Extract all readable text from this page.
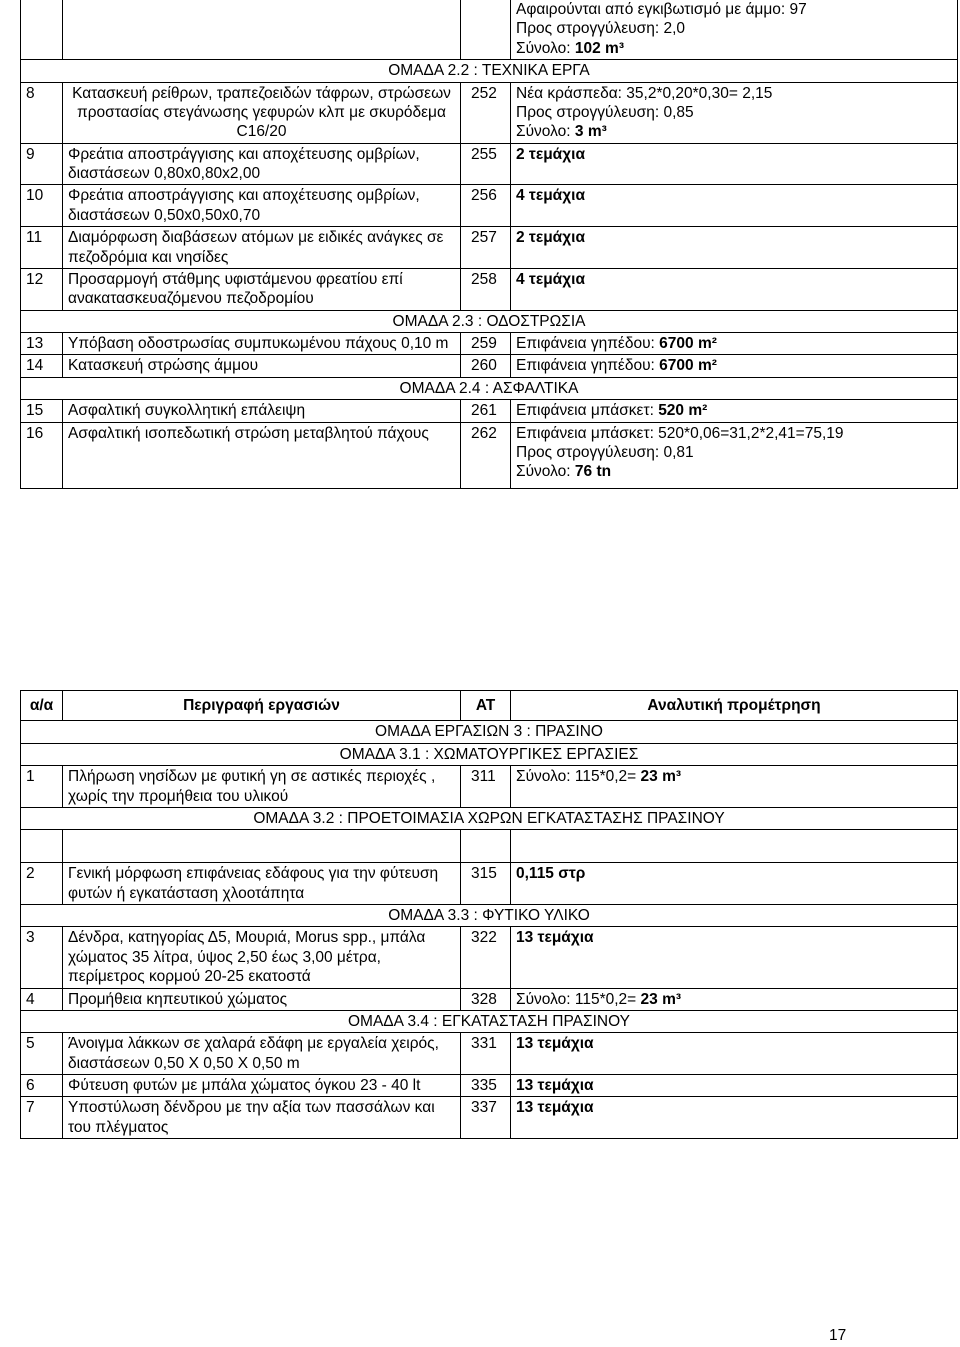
			Αφαιρούνται από εγκιβωτισμό με άμμο: 97
Προς στρογγύλευση: 2,0
Σύνολο: 102 m³

ΟΜΑΔΑ 2.2 : ΤΕΧΝΙΚΑ ΕΡΓΑ			
8	Κατασκευή ρείθρων, τραπεζοειδών τάφρων, στρώσεων προστασίας στεγάνωσης γεφυρών κλπ με σκυρόδεμα C16/20	252	Νέα κράσπεδα: 35,2*0,20*0,30= 2,15
Προς στρογγύλευση: 0,85
Σύνολο: 3 m³

9	Φρεάτια αποστράγγισης και αποχέτευσης ομβρίων, διαστάσεων 0,80x0,80x2,00	255	2 τεμάχια
10	Φρεάτια αποστράγγισης και αποχέτευσης ομβρίων, διαστάσεων 0,50x0,50x0,70	256	4 τεμάχια
11	Διαμόρφωση διαβάσεων ατόμων με ειδικές ανάγκες σε πεζοδρόμια και νησίδες	257	2 τεμάχια
12	Προσαρμογή στάθμης υφιστάμενου φρεατίου επί ανακατασκευαζόμενου πεζοδρομίου	258	4 τεμάχια
ΟΜΑΔΑ 2.3 : ΟΔΟΣΤΡΩΣΙΑ			
13	Υπόβαση οδοστρωσίας συμπυκωμένου πάχους 0,10 m	259	Επιφάνεια γηπέδου: 6700 m²
14	Κατασκευή στρώσης άμμου	260	Επιφάνεια γηπέδου: 6700 m²
ΟΜΑΔΑ 2.4 : ΑΣΦΑΛΤΙΚΑ			
15	Ασφαλτική συγκολλητική επάλειψη	261	Επιφάνεια μπάσκετ: 520 m²
16	Ασφαλτική ισοπεδωτική στρώση μεταβλητού πάχους	262	Επιφάνεια μπάσκετ: 520*0,06=31,2*2,41=75,19
Προς στρογγύλευση: 0,81
Σύνολο: 76 tn
α/α	Περιγραφή εργασιών	ΑΤ	Αναλυτική προμέτρηση
ΟΜΑΔΑ ΕΡΓΑΣΙΩΝ 3 : ΠΡΑΣΙΝΟ			
ΟΜΑΔΑ 3.1 : ΧΩΜΑΤΟΥΡΓΙΚΕΣ ΕΡΓΑΣΙΕΣ			
1	Πλήρωση νησίδων με φυτική γη σε αστικές περιοχές , χωρίς την προμήθεια του υλικού	311	Σύνολο: 115*0,2= 23 m³
ΟΜΑΔΑ 3.2 : ΠΡΟΕΤΟΙΜΑΣΙΑ ΧΩΡΩΝ ΕΓΚΑΤΑΣΤΑΣΗΣ ΠΡΑΣΙΝΟΥ			

2	Γενική μόρφωση επιφάνειας εδάφους για την φύτευση φυτών ή εγκατάσταση χλοοτάπητα	315	0,115 στρ
ΟΜΑΔΑ 3.3 : ΦΥΤΙΚΟ ΥΛΙΚΟ			
3	Δένδρα, κατηγορίας Δ5, Μουριά, Morus spp., μπάλα χώματος 35 λίτρα, ύψος 2,50 έως 3,00 μέτρα, περίμετρος κορμού 20-25 εκατοστά	322	13 τεμάχια
4	Προμήθεια κηπευτικού χώματος	328	Σύνολο: 115*0,2= 23 m³
ΟΜΑΔΑ 3.4 : ΕΓΚΑΤΑΣΤΑΣΗ ΠΡΑΣΙΝΟΥ			
5	Άνοιγμα λάκκων σε χαλαρά εδάφη με εργαλεία χειρός, διαστάσεων 0,50 Χ 0,50 Χ 0,50 m	331	13 τεμάχια
6	Φύτευση φυτών με μπάλα χώματος όγκου 23 - 40 lt	335	13 τεμάχια
7	Υποστύλωση δένδρου με την αξία των πασσάλων και του πλέγματος	337	13 τεμάχια
17
